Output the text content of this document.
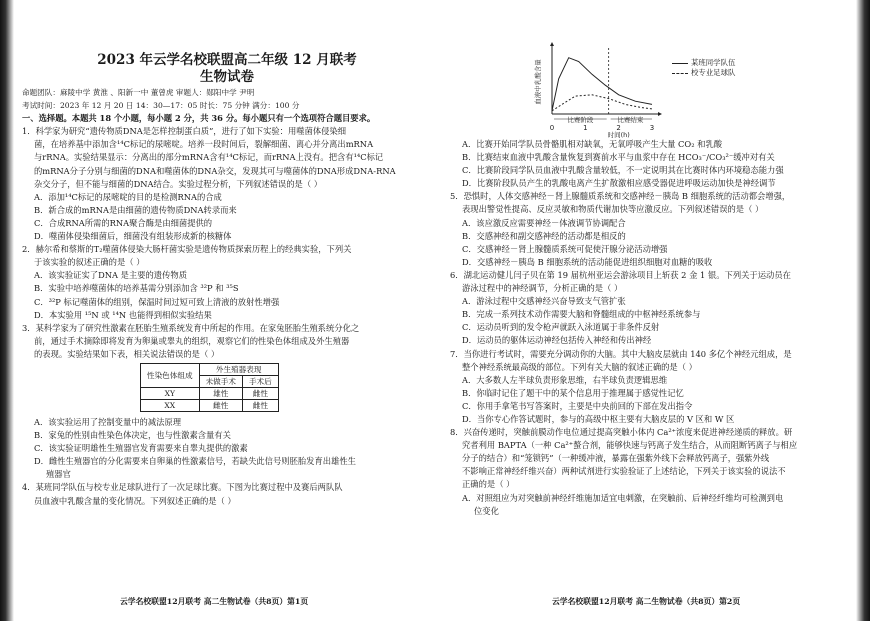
2023 年云学名校联盟高二年级 12 月联考
生物试卷
命题团队：麻陵中学 黄淮 、阳新一中 董曾虎 审题人：郧阳中学 尹明
考试时间：2023 年 12 月 20 日 14：30—17：05 时长：75 分钟 满分：100 分
一、选择题。本题共 18 个小题，每小题 2 分，共 36 分。每小题只有一个选项符合题目要求。
1．科学家为研究“遗传物质DNA是怎样控制蛋白质”，进行了如下实验：用噬菌体侵染细
菌，在培养基中添加含¹⁴C标记的尿嘧啶。培养一段时间后，裂解细菌、离心并分离出mRNA
与rRNA。实验结果显示：分离出的部分mRNA含有¹⁴C标记，而rRNA上没有。把含有¹⁴C标记
的mRNA分子分别与细菌的DNA和噬菌体的DNA杂交，发现其可与噬菌体的DNA形成DNA-RNA
杂交分子，但不能与细菌的DNA结合。实验过程分析，下列叙述错误的是（ ）
A．添加¹⁴C标记的尿嘧啶的目的是检测RNA的合成
B．新合成的mRNA是由细菌的遗传物质DNA转录而来
C．合成RNA所需的RNA聚合酶是由细菌提供的
D．噬菌体侵染细菌后，细菌没有组装形成新的核糖体
2．赫尔希和蔡斯的T₂噬菌体侵染大肠杆菌实验是遗传物质探索历程上的经典实验，下列关
于该实验的叙述正确的是（ ）
A．该实验证实了DNA 是主要的遗传物质
B．实验中培养噬菌体的培养基需分别添加含 ³²P 和 ³⁵S
C．³²P 标记噬菌体的组别，保温时间过短可致上清液的放射性增强
D．本实验用 ¹⁵N 或 ¹⁴N 也能得到相似实验结果
3．某科学家为了研究性激素在胚胎生殖系统发育中所起的作用。在家兔胚胎生殖系统分化之
前，通过手术摘除即将发育为卵巢或睾丸的组织，观察它们的性染色体组成及外生殖器
的表现。实验结果如下表，相关说法错误的是（ ）
性染色体组成	外生殖器表现	
	未做手术	手术后
XY	雄性	雌性
XX	雌性	雌性
A．该实验运用了控制变量中的减法原理
B．家兔的性别由性染色体决定，也与性激素含量有关
C．该实验证明雄性生殖器官发育需要来自睾丸提供的激素
D．雌性生殖器官的分化需要来自卵巢的性激素信号，若缺失此信号则胚胎发育出雄性生
殖器官
4．某班同学队伍与校专业足球队进行了一次足球比赛。下图为比赛过程中及赛后两队队
员血液中乳酸含量的变化情况。下列叙述正确的是（ ）
云学名校联盟12月联考 高二生物试卷（共8页）第1页
0	1	2	3
比赛阶段	比赛结束
时间(h)
血液中乳酸含量	某班同学队伍
校专业足球队
A．比赛开始同学队员骨骼肌相对缺氧，无氧呼吸产生大量 CO₂ 和乳酸
B．比赛结束血液中乳酸含量恢复到赛前水平与血浆中存在 HCO₃⁻/CO₃²⁻缓冲对有关
C．比赛阶段同学队员血液中乳酸含量较低，不一定说明其在比赛时体内环境稳态能力强
D．比赛阶段队员产生的乳酸电离产生扩散激相应感受器促进呼吸运动加快是神经调节
5．恐惧时，人体交感神经－肾上腺髓质系统和交感神经－胰岛 B 细胞系统的活动都会增强，
表现出警觉性提高、反应灵敏和物质代谢加快等应激反应。下列叙述错误的是（ ）
A．该应激反应需要神经－体液调节协调配合
B．交感神经和副交感神经的活动都是相反的
C．交感神经－肾上腺髓质系统可促使汗腺分泌活动增强
D．交感神经－胰岛 B 细胞系统的活动能促进组织细胞对血糖的吸收
6．湖北运动健儿闫子贝在第 19 届杭州亚运会游泳项目上斩获 2 金 1 银。下列关于运动员在
游泳过程中的神经调节，分析正确的是（ ）
A．游泳过程中交感神经兴奋导致支气管扩张
B．完成一系列技术动作需要大脑和脊髓组成的中枢神经系统参与
C．运动员听到的发令枪声就跃入泳道属于非条件反射
D．运动员的躯体运动神经包括传入神经和传出神经
7．当你进行考试时，需要充分调动你的大脑。其中大脑皮层就由 140 多亿个神经元组成，是
整个神经系统最高级的部位。下列有关大脑的叙述正确的是（ ）
A．大多数人左半球负责形象思维，右半球负责逻辑思维
B．你临时记住了题干中的某个信息用于推理属于感觉性记忆
C．你用手拿笔书写答案时，主要是中央前回的下部在发出指令
D．当你专心作答试题时，参与的高级中枢主要有大脑皮层的 V 区和 W 区
8．兴奋传递时，突触前膜动作电位通过提高突触小体内 Ca²⁺浓度来促进神经递质的释放。研
究者利用 BAPTA（一种 Ca²⁺螯合剂，能够快速与钙离子发生结合，从而阻断钙离子与相应
分子的结合）和“笼锁钙”（一种缓冲液，暴露在强紫外线下会释放钙离子，强紫外线
不影响正常神经纤维兴奋）两种试剂进行实验验证了上述结论，下列关于该实验的说法不
正确的是（ ）
A．对照组应为对突触前神经纤维施加适宜电刺激，在突触前、后神经纤维均可检测到电
位变化
云学名校联盟12月联考 高二生物试卷（共8页）第2页
